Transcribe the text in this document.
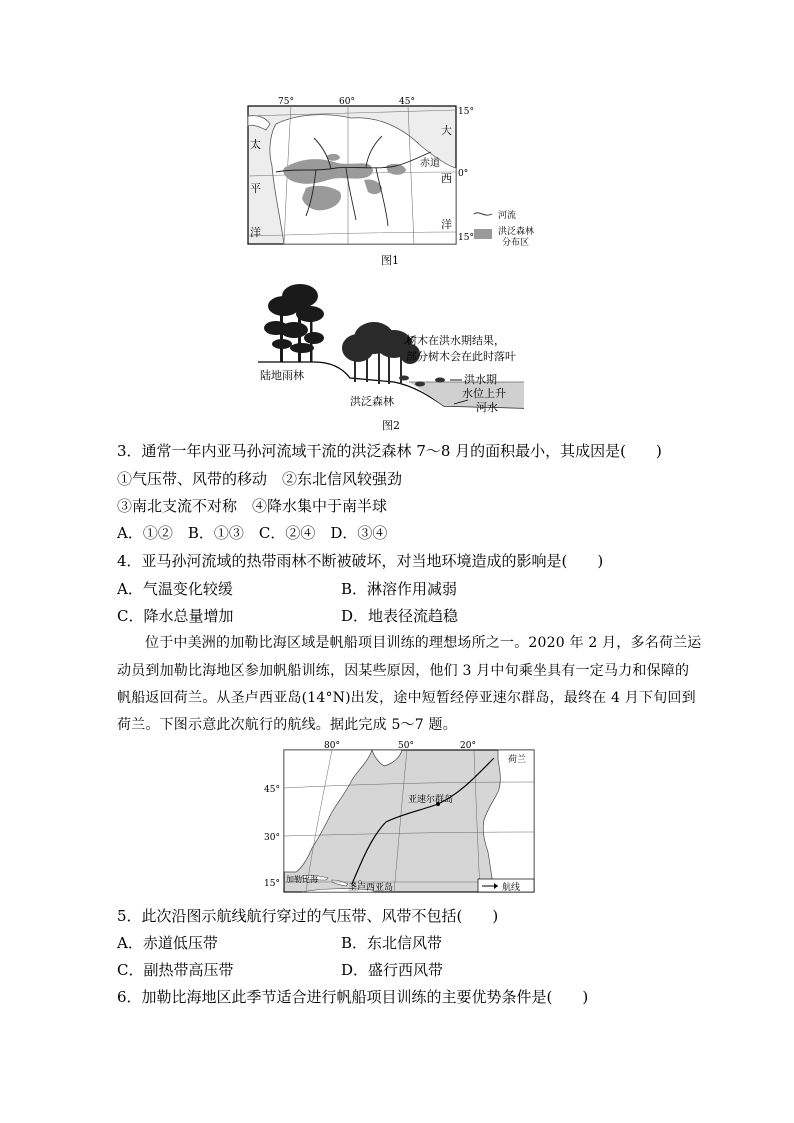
75°	60°	45°
15°
0°
15°
太
平
洋
大
西
洋
赤道
河流
洪泛森林
分布区
图1
树木在洪水期结果，
部分树木会在此时落叶
陆地雨林
洪泛森林
洪水期
水位上升
河水
图2
3．通常一年内亚马孙河流域干流的洪泛森林 7～8 月的面积最小，其成因是(　　)
①气压带、风带的移动　②东北信风较强劲
③南北支流不对称　④降水集中于南半球
A．①②　B．①③　C．②④　D．③④
4．亚马孙河流域的热带雨林不断被破坏，对当地环境造成的影响是(　　)
A．气温变化较缓	B．淋溶作用减弱
C．降水总量增加	D．地表径流趋稳
位于中美洲的加勒比海区域是帆船项目训练的理想场所之一。2020 年 2 月，多名荷兰运
动员到加勒比海地区参加帆船训练，因某些原因，他们 3 月中旬乘坐具有一定马力和保障的
帆船返回荷兰。从圣卢西亚岛(14°N)出发，途中短暂经停亚速尔群岛，最终在 4 月下旬回到
荷兰。下图示意此次航行的航线。据此完成 5～7 题。
80°	50°	20°
45°
30°
15°
荷兰
亚速尔群岛
加勒比海
圣卢西亚岛	航线
5．此次沿图示航线航行穿过的气压带、风带不包括(　　)
A．赤道低压带	B．东北信风带
C．副热带高压带	D．盛行西风带
6．加勒比海地区此季节适合进行帆船项目训练的主要优势条件是(　　)
